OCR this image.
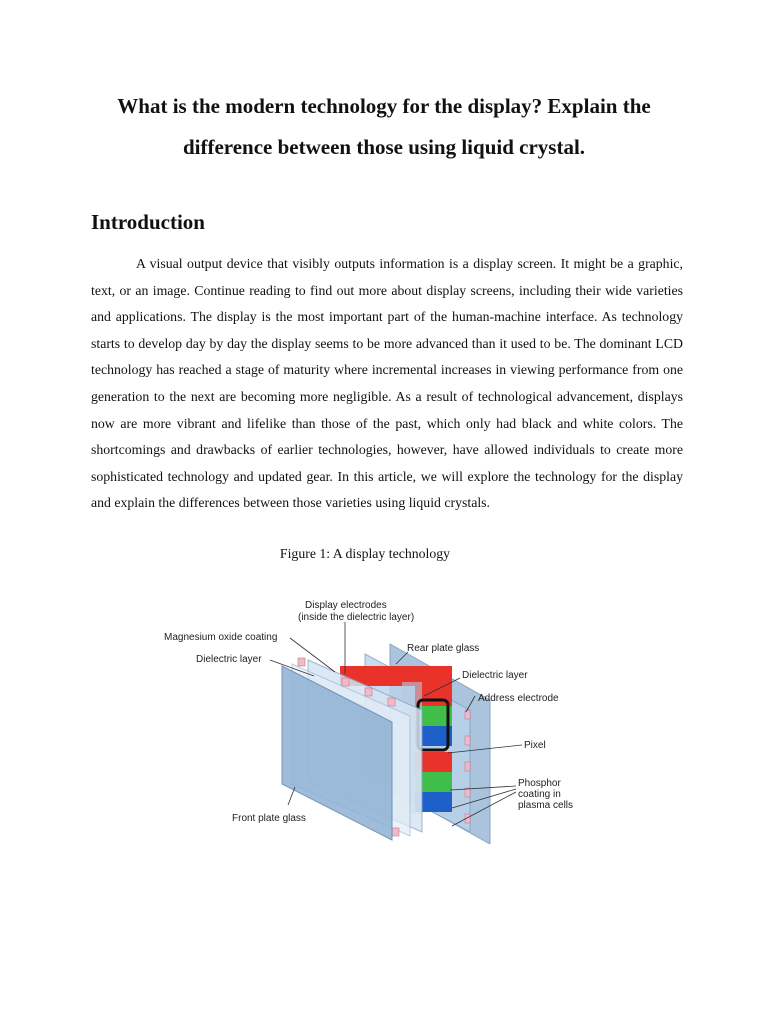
What is the modern technology for the display? Explain the difference between those using liquid crystal.
Introduction

A visual output device that visibly outputs information is a display screen. It might be a graphic, text, or an image. Continue reading to find out more about display screens, including their wide varieties and applications. The display is the most important part of the human-machine interface. As technology starts to develop day by day the display seems to be more advanced than it used to be. The dominant LCD technology has reached a stage of maturity where incremental increases in viewing performance from one generation to the next are becoming more negligible. As a result of technological advancement, displays now are more vibrant and lifelike than those of the past, which only had black and white colors. The shortcomings and drawbacks of earlier technologies, however, have allowed individuals to create more sophisticated technology and updated gear. In this article, we will explore the technology for the display and explain the differences between those varieties using liquid crystals.

Figure 1: A display technology

Display electrodes
(inside the dielectric layer)
Magnesium oxide coating
Dielectric layer
Rear plate glass
Dielectric layer
Address electrode
Pixel
Phosphor
coating in
plasma cells
Front plate glass
